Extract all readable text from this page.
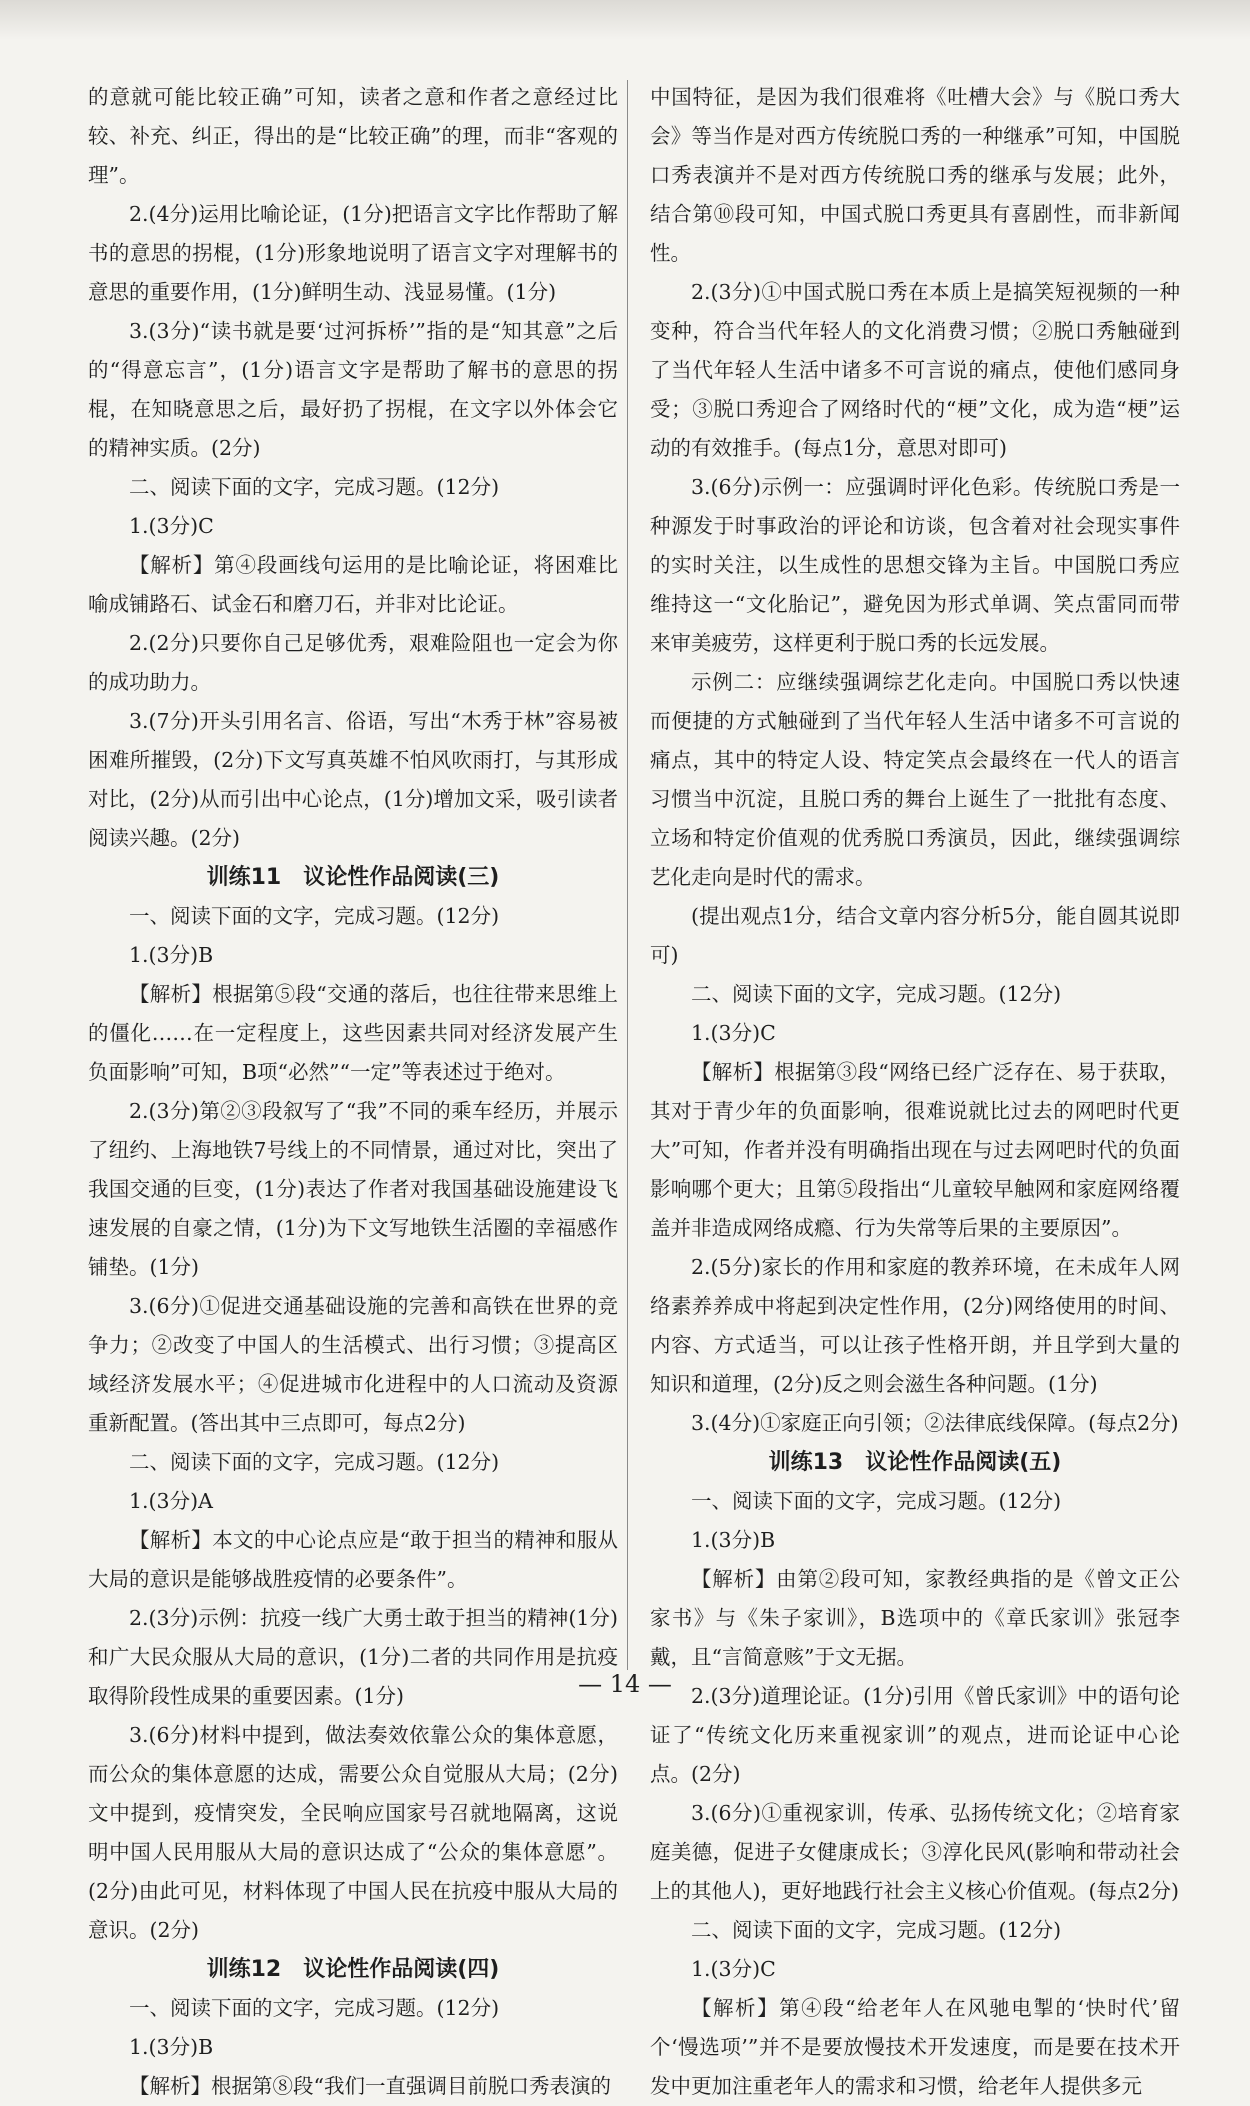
的意就可能比较正确”可知，读者之意和作者之意经过比较、补充、纠正，得出的是“比较正确”的理，而非“客观的理”。

2.(4分)运用比喻论证，(1分)把语言文字比作帮助了解书的意思的拐棍，(1分)形象地说明了语言文字对理解书的意思的重要作用，(1分)鲜明生动、浅显易懂。(1分)

3.(3分)“读书就是要‘过河拆桥’”指的是“知其意”之后的“得意忘言”，(1分)语言文字是帮助了解书的意思的拐棍，在知晓意思之后，最好扔了拐棍，在文字以外体会它的精神实质。(2分)

二、阅读下面的文字，完成习题。(12分)

1.(3分)C

【解析】第④段画线句运用的是比喻论证，将困难比喻成铺路石、试金石和磨刀石，并非对比论证。

2.(2分)只要你自己足够优秀，艰难险阻也一定会为你的成功助力。

3.(7分)开头引用名言、俗语，写出“木秀于林”容易被困难所摧毁，(2分)下文写真英雄不怕风吹雨打，与其形成对比，(2分)从而引出中心论点，(1分)增加文采，吸引读者阅读兴趣。(2分)

训练11　议论性作品阅读(三)

一、阅读下面的文字，完成习题。(12分)

1.(3分)B

【解析】根据第⑤段“交通的落后，也往往带来思维上的僵化……在一定程度上，这些因素共同对经济发展产生负面影响”可知，B项“必然”“一定”等表述过于绝对。

2.(3分)第②③段叙写了“我”不同的乘车经历，并展示了纽约、上海地铁7号线上的不同情景，通过对比，突出了我国交通的巨变，(1分)表达了作者对我国基础设施建设飞速发展的自豪之情，(1分)为下文写地铁生活圈的幸福感作铺垫。(1分)

3.(6分)①促进交通基础设施的完善和高铁在世界的竞争力；②改变了中国人的生活模式、出行习惯；③提高区域经济发展水平；④促进城市化进程中的人口流动及资源重新配置。(答出其中三点即可，每点2分)

二、阅读下面的文字，完成习题。(12分)

1.(3分)A

【解析】本文的中心论点应是“敢于担当的精神和服从大局的意识是能够战胜疫情的必要条件”。

2.(3分)示例：抗疫一线广大勇士敢于担当的精神(1分)和广大民众服从大局的意识，(1分)二者的共同作用是抗疫取得阶段性成果的重要因素。(1分)

3.(6分)材料中提到，做法奏效依靠公众的集体意愿，而公众的集体意愿的达成，需要公众自觉服从大局；(2分)文中提到，疫情突发，全民响应国家号召就地隔离，这说明中国人民用服从大局的意识达成了“公众的集体意愿”。(2分)由此可见，材料体现了中国人民在抗疫中服从大局的意识。(2分)

训练12　议论性作品阅读(四)

一、阅读下面的文字，完成习题。(12分)

1.(3分)B

【解析】根据第⑧段“我们一直强调目前脱口秀表演的

中国特征，是因为我们很难将《吐槽大会》与《脱口秀大会》等当作是对西方传统脱口秀的一种继承”可知，中国脱口秀表演并不是对西方传统脱口秀的继承与发展；此外，结合第⑩段可知，中国式脱口秀更具有喜剧性，而非新闻性。

2.(3分)①中国式脱口秀在本质上是搞笑短视频的一种变种，符合当代年轻人的文化消费习惯；②脱口秀触碰到了当代年轻人生活中诸多不可言说的痛点，使他们感同身受；③脱口秀迎合了网络时代的“梗”文化，成为造“梗”运动的有效推手。(每点1分，意思对即可)

3.(6分)示例一：应强调时评化色彩。传统脱口秀是一种源发于时事政治的评论和访谈，包含着对社会现实事件的实时关注，以生成性的思想交锋为主旨。中国脱口秀应维持这一“文化胎记”，避免因为形式单调、笑点雷同而带来审美疲劳，这样更利于脱口秀的长远发展。

示例二：应继续强调综艺化走向。中国脱口秀以快速而便捷的方式触碰到了当代年轻人生活中诸多不可言说的痛点，其中的特定人设、特定笑点会最终在一代人的语言习惯当中沉淀，且脱口秀的舞台上诞生了一批批有态度、立场和特定价值观的优秀脱口秀演员，因此，继续强调综艺化走向是时代的需求。

(提出观点1分，结合文章内容分析5分，能自圆其说即可)

二、阅读下面的文字，完成习题。(12分)

1.(3分)C

【解析】根据第③段“网络已经广泛存在、易于获取，其对于青少年的负面影响，很难说就比过去的网吧时代更大”可知，作者并没有明确指出现在与过去网吧时代的负面影响哪个更大；且第⑤段指出“儿童较早触网和家庭网络覆盖并非造成网络成瘾、行为失常等后果的主要原因”。

2.(5分)家长的作用和家庭的教养环境，在未成年人网络素养养成中将起到决定性作用，(2分)网络使用的时间、内容、方式适当，可以让孩子性格开朗，并且学到大量的知识和道理，(2分)反之则会滋生各种问题。(1分)

3.(4分)①家庭正向引领；②法律底线保障。(每点2分)

训练13　议论性作品阅读(五)

一、阅读下面的文字，完成习题。(12分)

1.(3分)B

【解析】由第②段可知，家教经典指的是《曾文正公家书》与《朱子家训》，B选项中的《章氏家训》张冠李戴，且“言简意赅”于文无据。

2.(3分)道理论证。(1分)引用《曾氏家训》中的语句论证了“传统文化历来重视家训”的观点，进而论证中心论点。(2分)

3.(6分)①重视家训，传承、弘扬传统文化；②培育家庭美德，促进子女健康成长；③淳化民风(影响和带动社会上的其他人)，更好地践行社会主义核心价值观。(每点2分)

二、阅读下面的文字，完成习题。(12分)

1.(3分)C

【解析】第④段“给老年人在风驰电掣的‘快时代’留个‘慢选项’”并不是要放慢技术开发速度，而是要在技术开发中更加注重老年人的需求和习惯，给老年人提供多元

— 14 —
